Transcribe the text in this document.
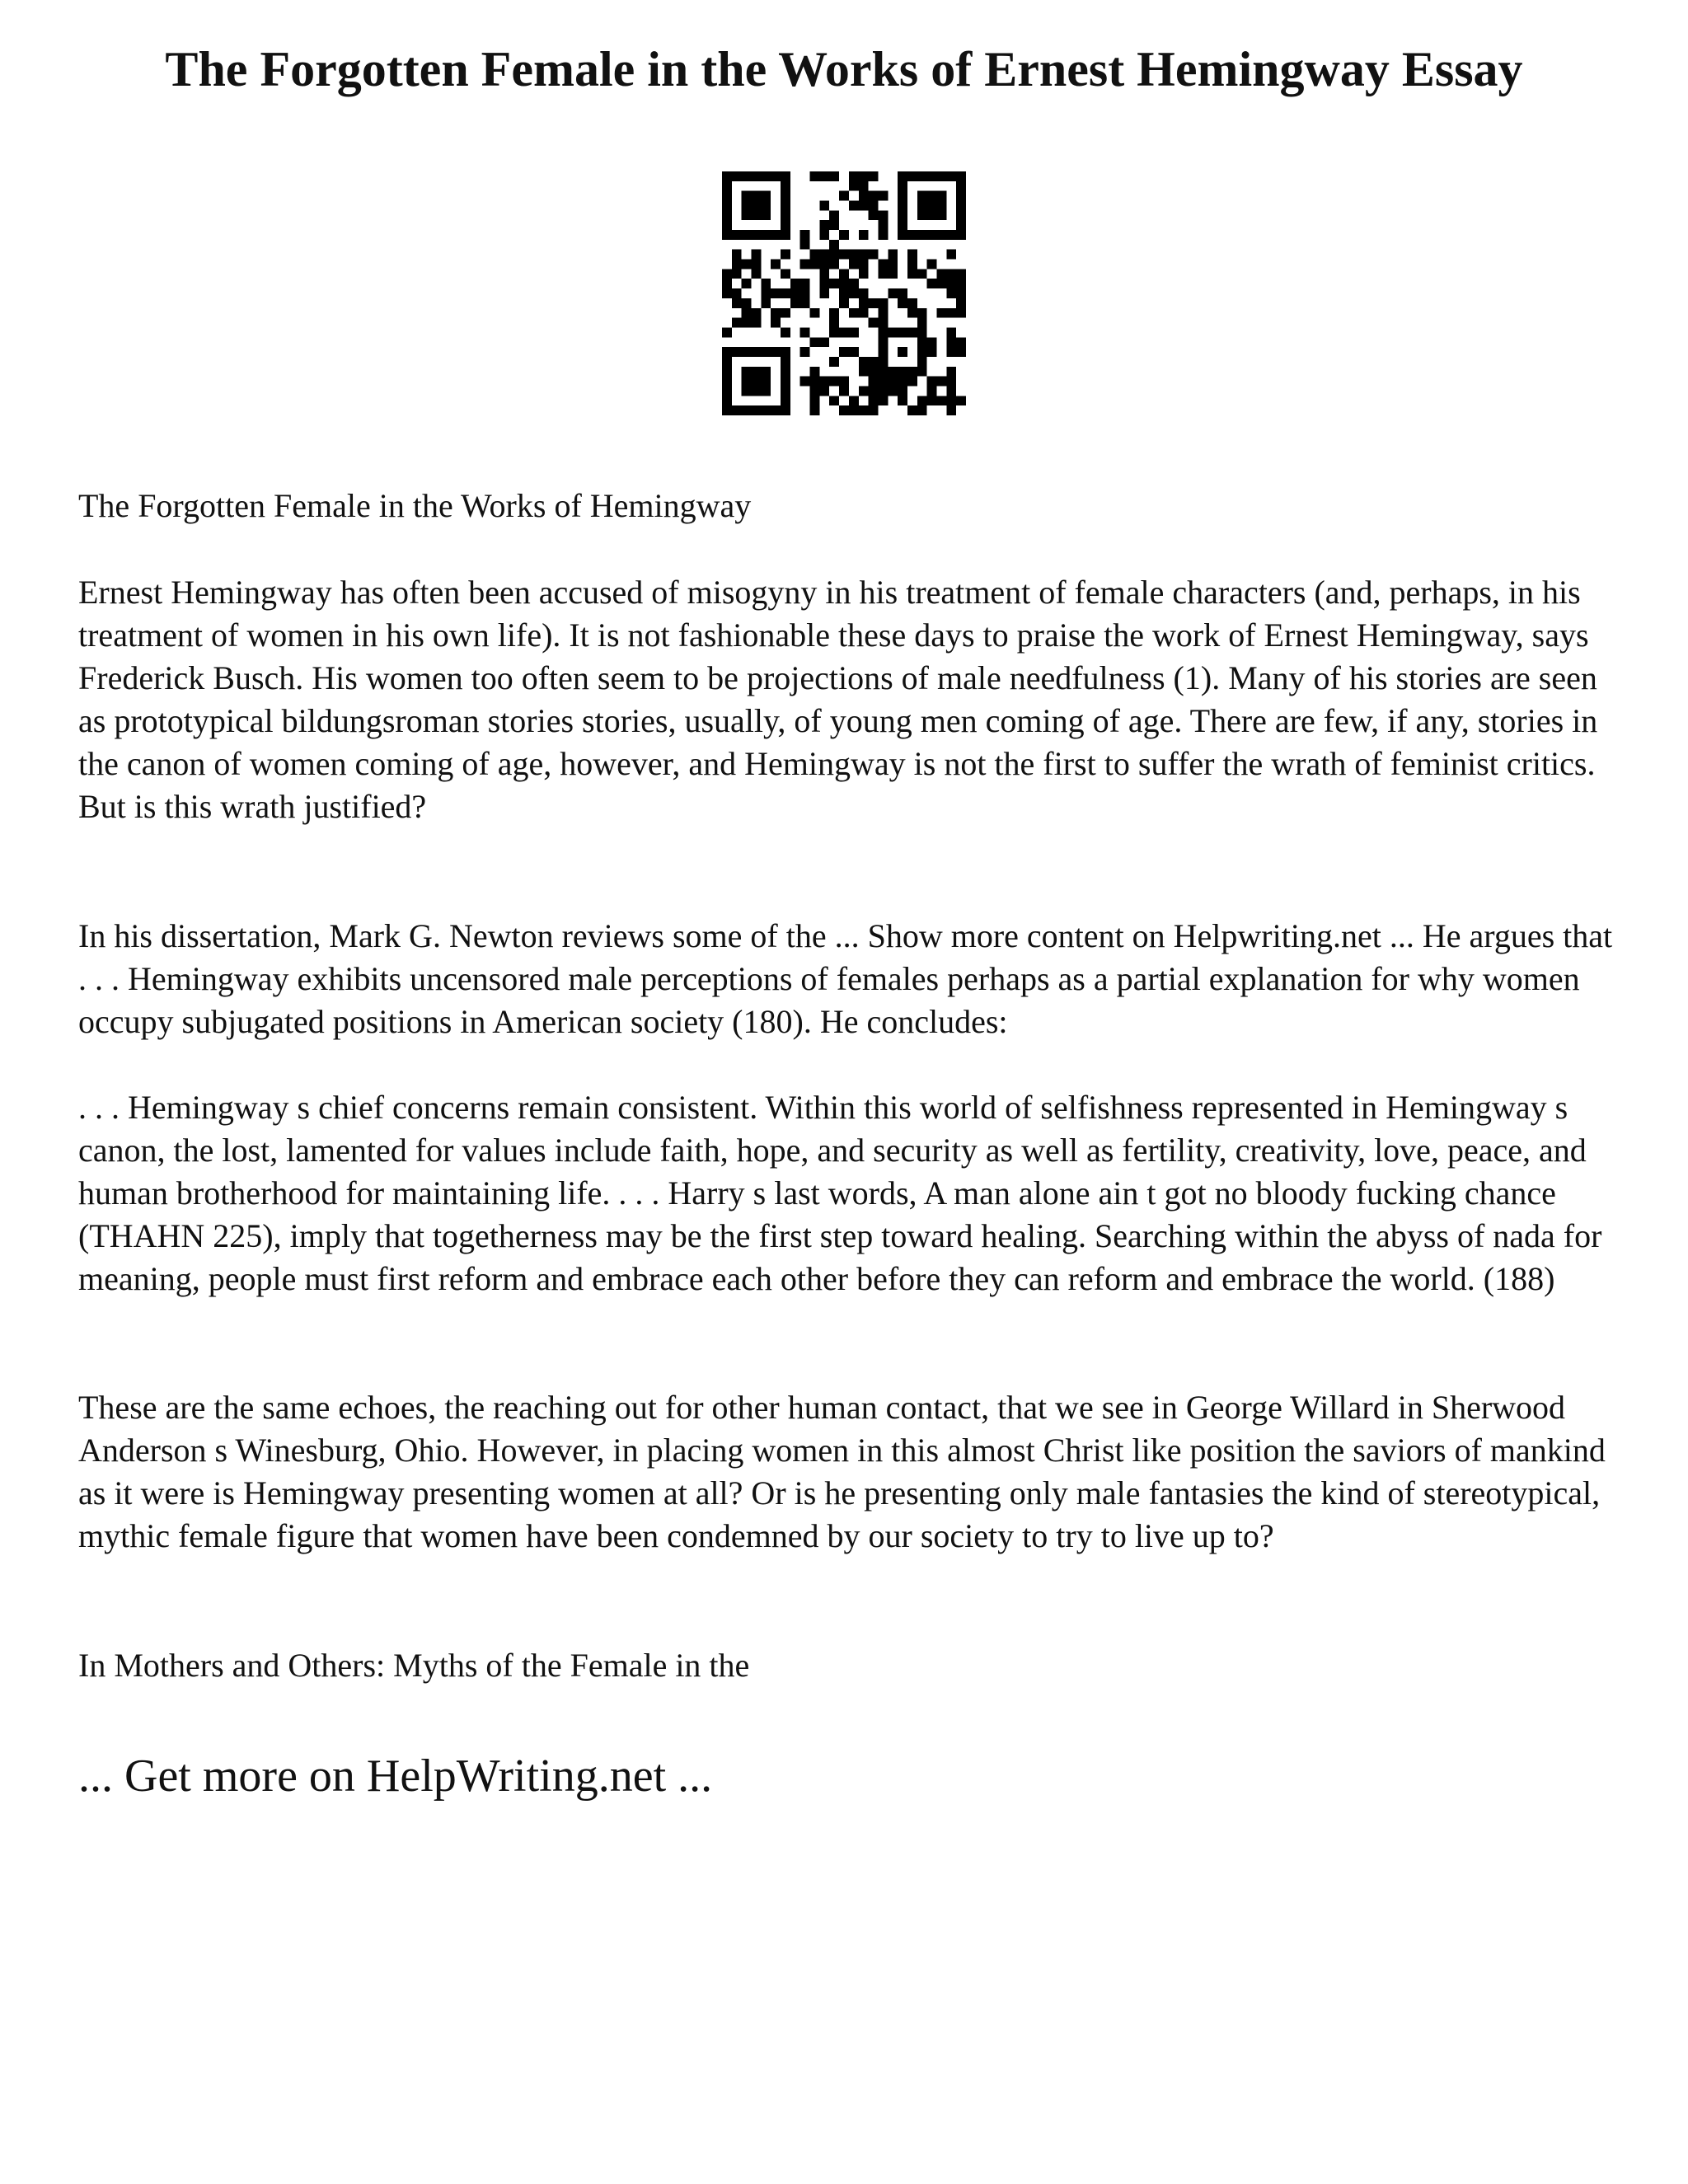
The Forgotten Female in the Works of Ernest Hemingway Essay

The Forgotten Female in the Works of Hemingway

Ernest Hemingway has often been accused of misogyny in his treatment of female characters (and, perhaps, in his treatment of women in his own life). It is not fashionable these days to praise the work of Ernest Hemingway, says Frederick Busch. His women too often seem to be projections of male needfulness (1). Many of his stories are seen as prototypical bildungsroman stories stories, usually, of young men coming of age. There are few, if any, stories in the canon of women coming of age, however, and Hemingway is not the first to suffer the wrath of feminist critics. But is this wrath justified?

In his dissertation, Mark G. Newton reviews some of the ... Show more content on Helpwriting.net ... He argues that . . . Hemingway exhibits uncensored male perceptions of females perhaps as a partial explanation for why women occupy subjugated positions in American society (180). He concludes:

. . . Hemingway s chief concerns remain consistent. Within this world of selfishness represented in Hemingway s canon, the lost, lamented for values include faith, hope, and security as well as fertility, creativity, love, peace, and human brotherhood for maintaining life. . . . Harry s last words, A man alone ain t got no bloody fucking chance (THAHN 225), imply that togetherness may be the first step toward healing. Searching within the abyss of nada for meaning, people must first reform and embrace each other before they can reform and embrace the world. (188)

These are the same echoes, the reaching out for other human contact, that we see in George Willard in Sherwood Anderson s Winesburg, Ohio. However, in placing women in this almost Christ like position the saviors of mankind as it were is Hemingway presenting women at all? Or is he presenting only male fantasies the kind of stereotypical, mythic female figure that women have been condemned by our society to try to live up to?

In Mothers and Others: Myths of the Female in the

... Get more on HelpWriting.net ...
